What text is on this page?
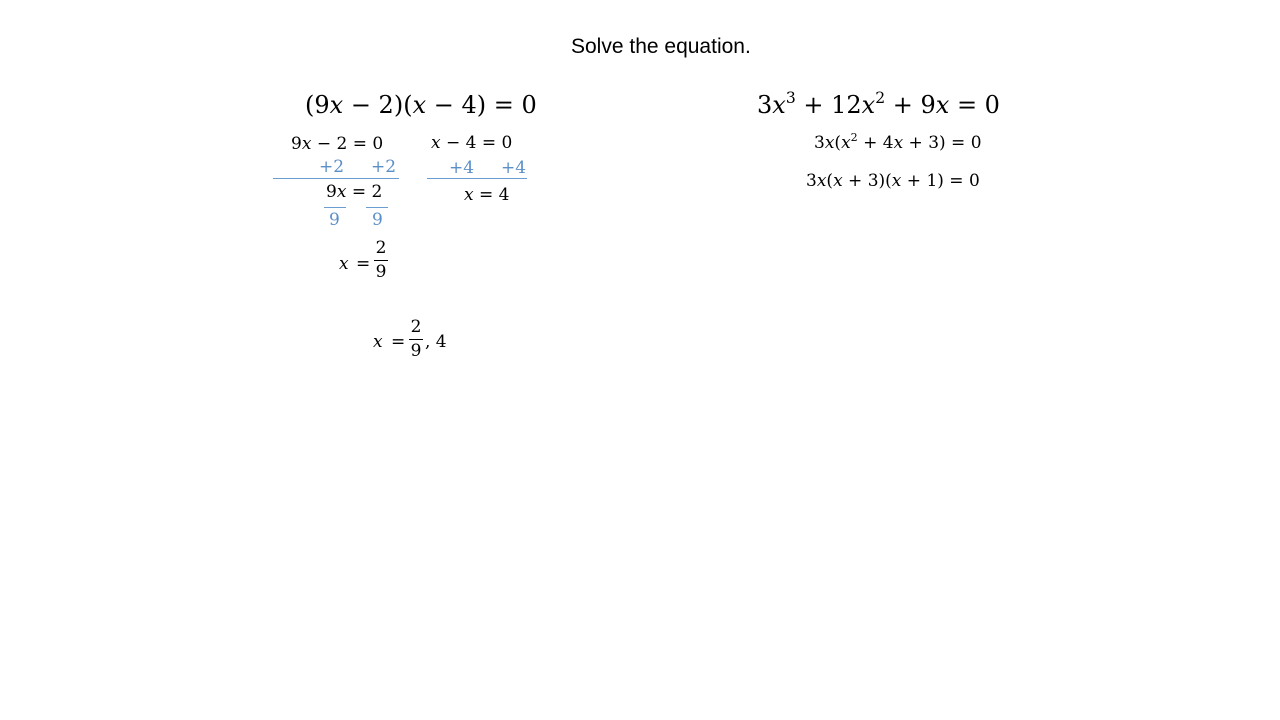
Solve the equation.
(9x − 2)(x − 4) = 0
9x − 2 = 0	x − 4 = 0
+2 +2	+4 +4
9x = 2	x = 4
9 9
x =
2
9
x =
2
9 , 4
$3x^3 + 12x^2 + 9x = 0$
$3x(x^2 + 4x + 3) = 0$
3x(x + 3)(x + 1) = 0
